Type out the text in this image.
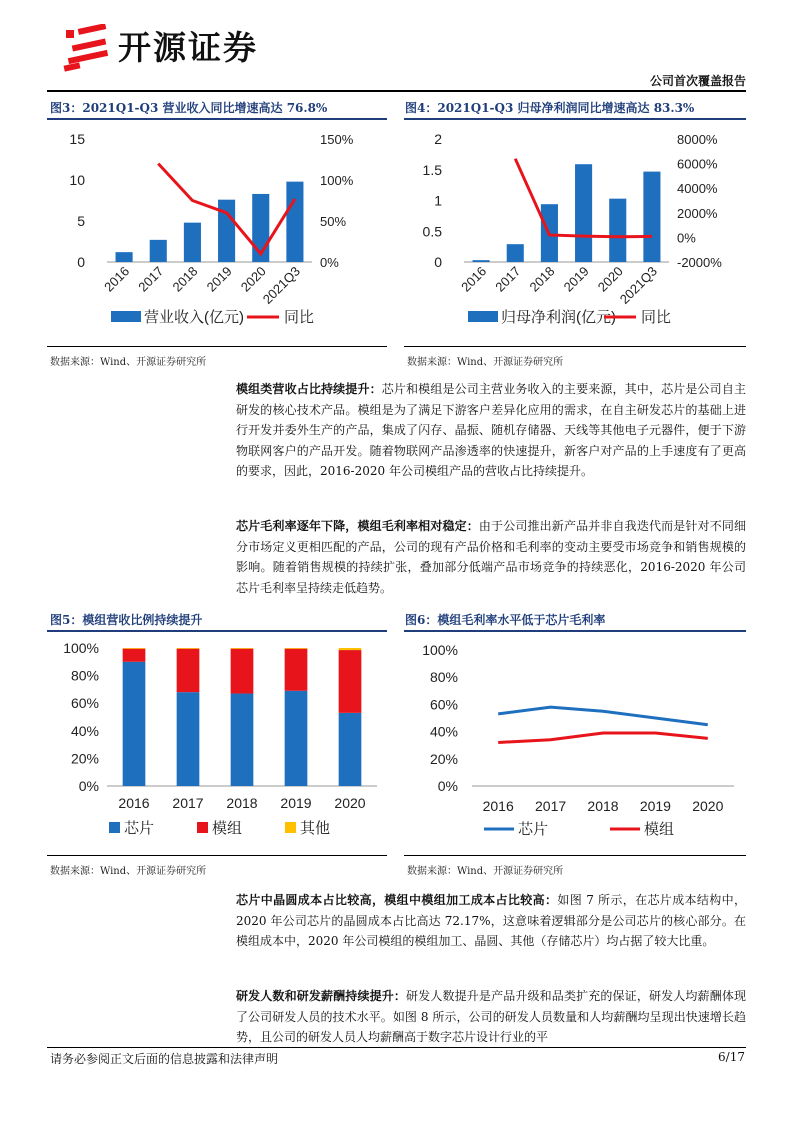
开源证券
公司首次覆盖报告
图3：2021Q1-Q3 营业收入同比增速高达 76.8%
0
5
10
15
0%
50%
100%
150%
2016 2017 2018 2019 2020
2021Q3
营业收入(亿元)	同比
数据来源：Wind、开源证券研究所
图4：2021Q1-Q3 归母净利润同比增速高达 83.3%
0
0.5
1
1.5
2
-2000%
0%
2000%
4000%
6000%
8000%
2016 2017 2018 2019 2020
2021Q3
归母净利润(亿元) 同比
数据来源：Wind、开源证券研究所
模组类营收占比持续提升：芯片和模组是公司主营业务收入的主要来源，其中，芯片是公司自主研发的核心技术产品。模组是为了满足下游客户差异化应用的需求，在自主研发芯片的基础上进行开发并委外生产的产品，集成了闪存、晶振、随机存储器、天线等其他电子元器件，便于下游物联网客户的产品开发。随着物联网产品渗透率的快速提升，新客户对产品的上手速度有了更高的要求，因此，2016-2020 年公司模组产品的营收占比持续提升。
芯片毛利率逐年下降，模组毛利率相对稳定：由于公司推出新产品并非自我迭代而是针对不同细分市场定义更相匹配的产品，公司的现有产品价格和毛利率的变动主要受市场竞争和销售规模的影响。随着销售规模的持续扩张，叠加部分低端产品市场竞争的持续恶化，2016-2020 年公司芯片毛利率呈持续走低趋势。
图5：模组营收比例持续提升
0%
20%
40%
60%
80%
100%
2016 2017 2018 2019 2020
芯片	模组	其他
数据来源：Wind、开源证券研究所
图6：模组毛利率水平低于芯片毛利率
0%
20%
40%
60%
80%
100%
2016 2017 2018 2019 2020
芯片	模组
数据来源：Wind、开源证券研究所
芯片中晶圆成本占比较高，模组中模组加工成本占比较高：如图 7 所示，在芯片成本结构中，2020 年公司芯片的晶圆成本占比高达 72.17%，这意味着逻辑部分是公司芯片的核心部分。在模组成本中，2020 年公司模组的模组加工、晶圆、其他（存储芯片）均占据了较大比重。
研发人数和研发薪酬持续提升：研发人数提升是产品升级和品类扩充的保证，研发人均薪酬体现了公司研发人员的技术水平。如图 8 所示，公司的研发人员数量和人均薪酬均呈现出快速增长趋势，且公司的研发人员人均薪酬高于数字芯片设计行业的平
请务必参阅正文后面的信息披露和法律声明	6/17
